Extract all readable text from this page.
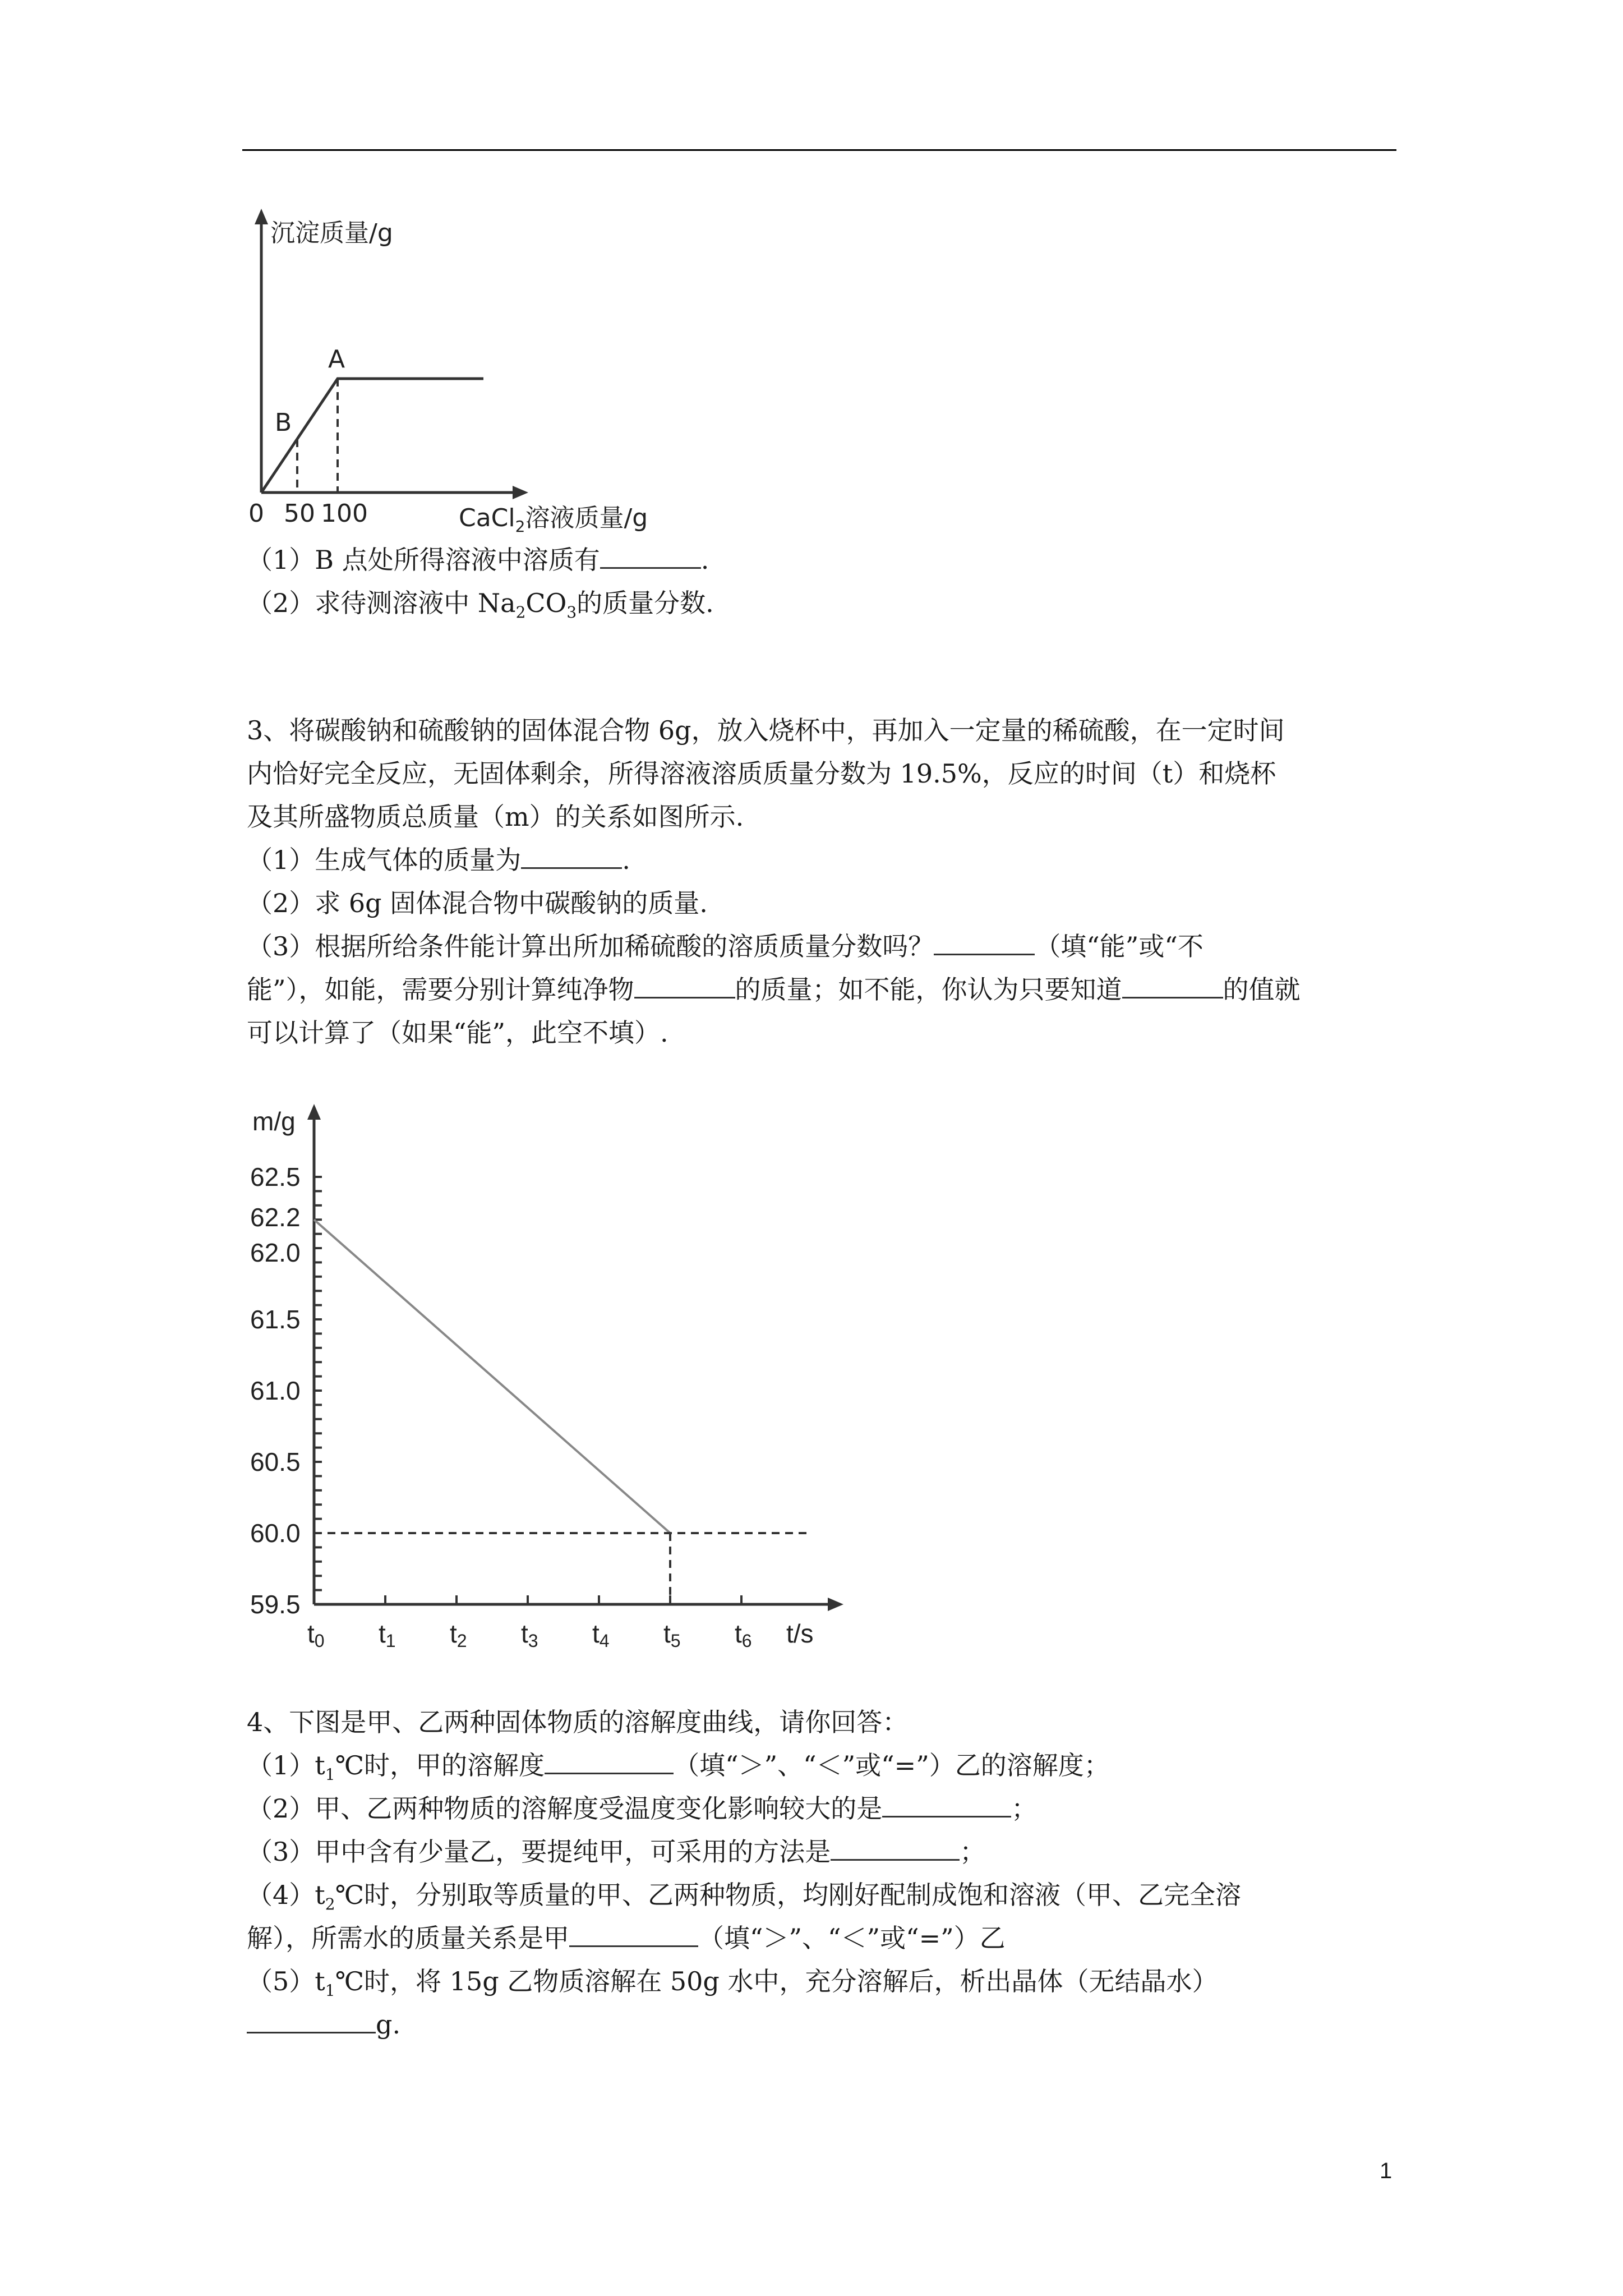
沉淀质量/g
CaCl$_2$溶液质量/g
0 50 100
A
B
（1）B 点处所得溶液中溶质有	.
（2）求待测溶液中 $Na_2CO_3$的质量分数.
3、将碳酸钠和硫酸钠的固体混合物 6g，放入烧杯中，再加入一定量的稀硫酸，在一定时间
内恰好完全反应，无固体剩余，所得溶液溶质质量分数为 19.5%，反应的时间（t）和烧杯
及其所盛物质总质量（m）的关系如图所示.
（1）生成气体的质量为	.
（2）求 6g 固体混合物中碳酸钠的质量.
（3）根据所给条件能计算出所加稀硫酸的溶质质量分数吗？	（填“能”或“不
能”），如能，需要分别计算纯净物	的质量；如不能，你认为只要知道	的值就
可以计算了（如果“能”，此空不填）.
m/g
t/s
62.5
62.2
62.0
61.5
61.0
60.5
60.0
59.5
t0 t1 t2 t3 t4 t5 t6
4、下图是甲、乙两种固体物质的溶解度曲线，请你回答：
$(1)t_1℃$时，甲的溶解度	（填“＞”、“＜”或“=”）乙的溶解度；
（2）甲、乙两种物质的溶解度受温度变化影响较大的是	；
（3）甲中含有少量乙，要提纯甲，可采用的方法是	；
$(4)t_2℃$时，分别取等质量的甲、乙两种物质，均刚好配制成饱和溶液（甲、乙完全溶
解），所需水的质量关系是甲	（填“＞”、“＜”或“=”）乙
$(5)t_1℃$时，将 15g 乙物质溶解在 50g 水中，充分溶解后，析出晶体（无结晶水）
g.
1
